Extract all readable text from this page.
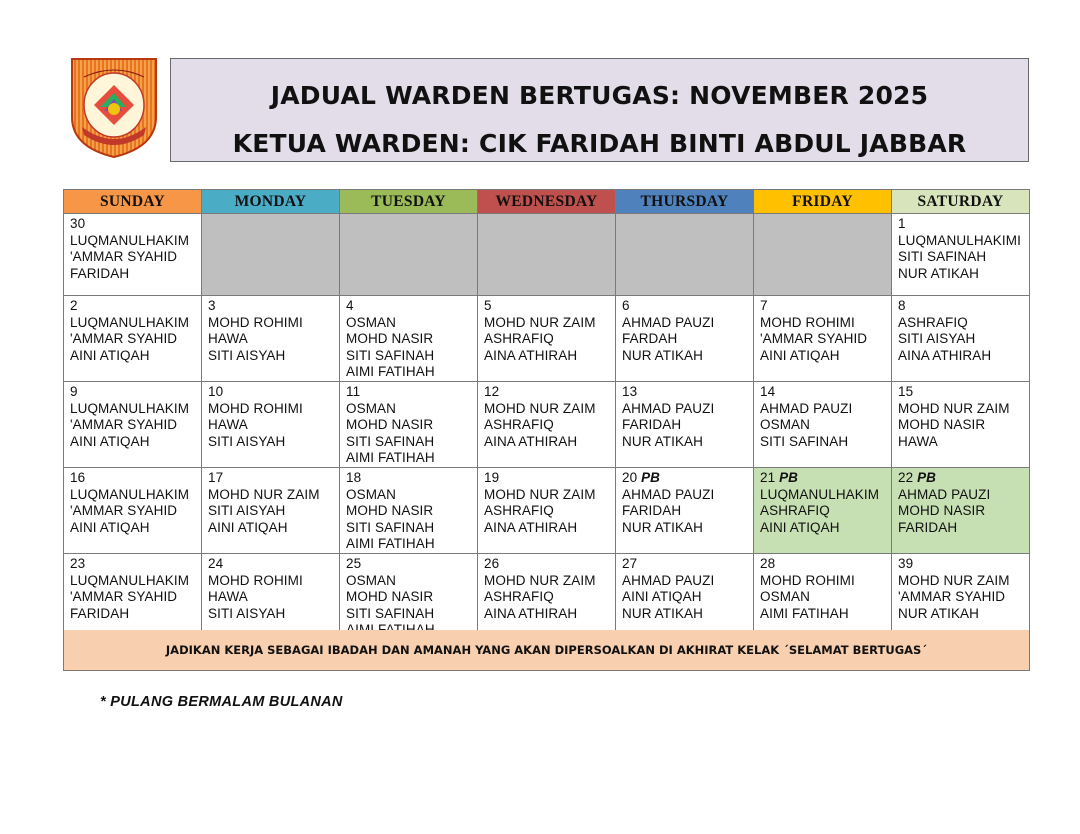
JADUAL WARDEN BERTUGAS: NOVEMBER 2025
KETUA WARDEN: CIK FARIDAH BINTI ABDUL JABBAR
SUNDAY	MONDAY	TUESDAY	WEDNESDAY	THURSDAY	FRIDAY	SATURDAY

30
LUQMANULHAKIM
'AMMAR SYAHID
FARIDAH						1
LUQMANULHAKIMI
SITI SAFINAH
NUR ATIKAH

2
LUQMANULHAKIM
'AMMAR SYAHID
AINI ATIQAH	3
MOHD ROHIMI
HAWA
SITI AISYAH	4
OSMAN
MOHD NASIR
SITI SAFINAH
AIMI FATIHAH	5
MOHD NUR ZAIM
ASHRAFIQ
AINA ATHIRAH	6
AHMAD PAUZI
FARDAH
NUR ATIKAH	7
MOHD ROHIMI
'AMMAR SYAHID
AINI ATIQAH	8
ASHRAFIQ
SITI AISYAH
AINA ATHIRAH

9
LUQMANULHAKIM
'AMMAR SYAHID
AINI ATIQAH	10
MOHD ROHIMI
HAWA
SITI AISYAH	11
OSMAN
MOHD NASIR
SITI SAFINAH
AIMI FATIHAH	12
MOHD NUR ZAIM
ASHRAFIQ
AINA ATHIRAH	13
AHMAD PAUZI
FARIDAH
NUR ATIKAH	14
AHMAD PAUZI
OSMAN
SITI SAFINAH	15
MOHD NUR ZAIM
MOHD NASIR
HAWA

16
LUQMANULHAKIM
'AMMAR SYAHID
AINI ATIQAH	17
MOHD NUR ZAIM
SITI AISYAH
AINI ATIQAH	18
OSMAN
MOHD NASIR
SITI SAFINAH
AIMI FATIHAH	19
MOHD NUR ZAIM
ASHRAFIQ
AINA ATHIRAH	20 PB
AHMAD PAUZI
FARIDAH
NUR ATIKAH	21 PB
LUQMANULHAKIM
ASHRAFIQ
AINI ATIQAH	22 PB
AHMAD PAUZI
MOHD NASIR
FARIDAH

23
LUQMANULHAKIM
'AMMAR SYAHID
FARIDAH	24
MOHD ROHIMI
HAWA
SITI AISYAH	25
OSMAN
MOHD NASIR
SITI SAFINAH	26
MOHD NUR ZAIM
ASHRAFIQ
AINA ATHIRAH	27
AHMAD PAUZI
AINI ATIQAH
NUR ATIKAH	28
MOHD ROHIMI
OSMAN
AIMI FATIHAH	39
MOHD NUR ZAIM
'AMMAR SYAHID
NUR ATIKAH
JADIKAN KERJA SEBAGAI IBADAH DAN AMANAH YANG AKAN DIPERSOALKAN DI AKHIRAT KELAK ´SELAMAT BERTUGAS´
* PULANG BERMALAM BULANAN
